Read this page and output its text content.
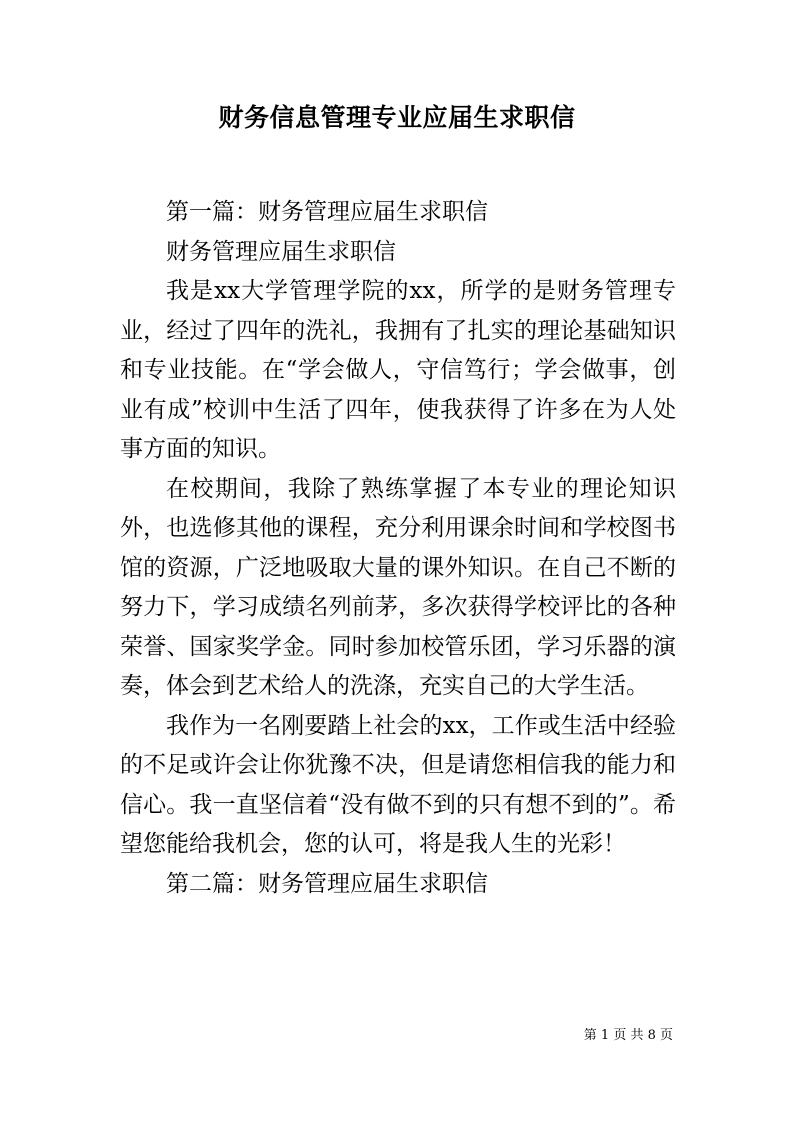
财务信息管理专业应届生求职信

第一篇：财务管理应届生求职信

财务管理应届生求职信

我是xx大学管理学院的xx，所学的是财务管理专业，经过了四年的洗礼，我拥有了扎实的理论基础知识和专业技能。在“学会做人，守信笃行；学会做事，创业有成”校训中生活了四年，使我获得了许多在为人处事方面的知识。

在校期间，我除了熟练掌握了本专业的理论知识外，也选修其他的课程，充分利用课余时间和学校图书馆的资源，广泛地吸取大量的课外知识。在自己不断的努力下，学习成绩名列前茅，多次获得学校评比的各种荣誉、国家奖学金。同时参加校管乐团，学习乐器的演奏，体会到艺术给人的洗涤，充实自己的大学生活。

我作为一名刚要踏上社会的xx，工作或生活中经验的不足或许会让你犹豫不决，但是请您相信我的能力和信心。我一直坚信着“没有做不到的只有想不到的”。希望您能给我机会，您的认可，将是我人生的光彩！

第二篇：财务管理应届生求职信

第 1 页 共 8 页
